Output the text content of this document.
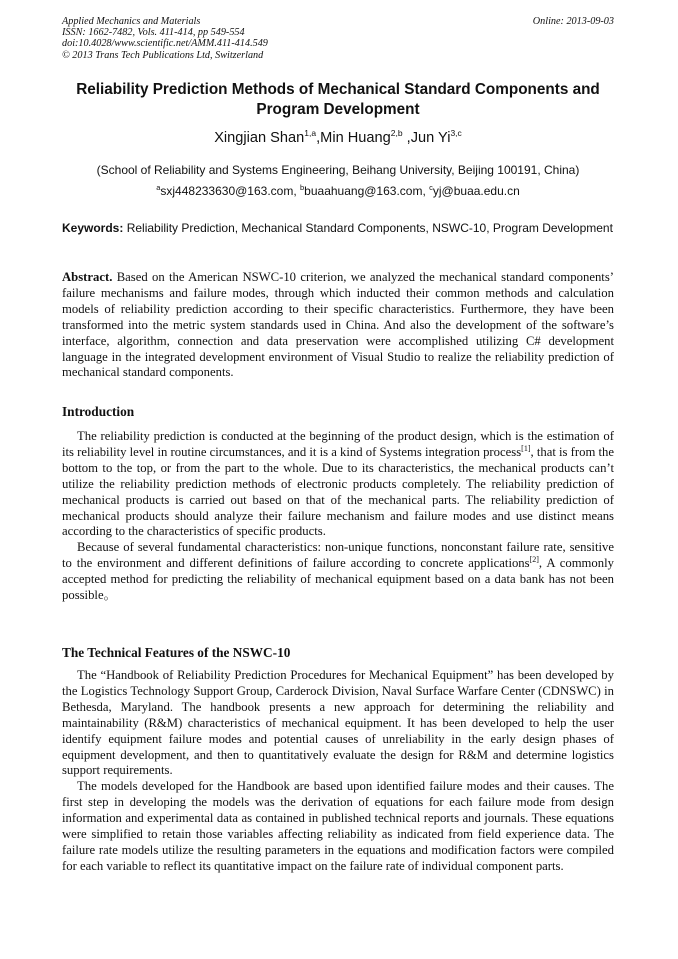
Applied Mechanics and Materials
ISSN: 1662-7482, Vols. 411-414, pp 549-554
doi:10.4028/www.scientific.net/AMM.411-414.549
© 2013 Trans Tech Publications Ltd, Switzerland
Online: 2013-09-03
Reliability Prediction Methods of Mechanical Standard Components and Program Development
Xingjian Shan$^{1,a}$,Min Huang$^{2,b}$ ,Jun Yi$^{3,c}$
(School of Reliability and Systems Engineering, Beihang University, Beijing 100191, China)
$^a$sxj448233630@163.com, $^b$buaahuang@163.com, $^c$yj@buaa.edu.cn
Keywords: Reliability Prediction, Mechanical Standard Components, NSWC-10, Program Development

Abstract. Based on the American NSWC-10 criterion, we analyzed the mechanical standard components’ failure mechanisms and failure modes, through which inducted their common methods and calculation models of reliability prediction according to their specific characteristics. Furthermore, they have been transformed into the metric system standards used in China. And also the development of the software’s interface, algorithm, connection and data preservation were accomplished utilizing C# development language in the integrated development environment of Visual Studio to realize the reliability prediction of mechanical standard components.

Introduction

The reliability prediction is conducted at the beginning of the product design, which is the estimation of its reliability level in routine circumstances, and it is a kind of Systems integration process[1], that is from the bottom to the top, or from the part to the whole. Due to its characteristics, the mechanical products can’t utilize the reliability prediction methods of electronic products completely. The reliability prediction of mechanical products is carried out based on that of the mechanical parts. The reliability prediction of mechanical products should analyze their failure mechanism and failure modes and use distinct means according to the characteristics of specific products.

Because of several fundamental characteristics: non-unique functions, nonconstant failure rate, sensitive to the environment and different definitions of failure according to concrete applications[2], A commonly accepted method for predicting the reliability of mechanical equipment based on a data bank has not been possible。

The Technical Features of the NSWC-10

The “Handbook of Reliability Prediction Procedures for Mechanical Equipment” has been developed by the Logistics Technology Support Group, Carderock Division, Naval Surface Warfare Center (CDNSWC) in Bethesda, Maryland. The handbook presents a new approach for determining the reliability and maintainability (R&M) characteristics of mechanical equipment. It has been developed to help the user identify equipment failure modes and potential causes of unreliability in the early design phases of equipment development, and then to quantitatively evaluate the design for R&M and determine logistics support requirements.

The models developed for the Handbook are based upon identified failure modes and their causes. The first step in developing the models was the derivation of equations for each failure mode from design information and experimental data as contained in published technical reports and journals. These equations were simplified to retain those variables affecting reliability as indicated from field experience data. The failure rate models utilize the resulting parameters in the equations and modification factors were compiled for each variable to reflect its quantitative impact on the failure rate of individual component parts.
